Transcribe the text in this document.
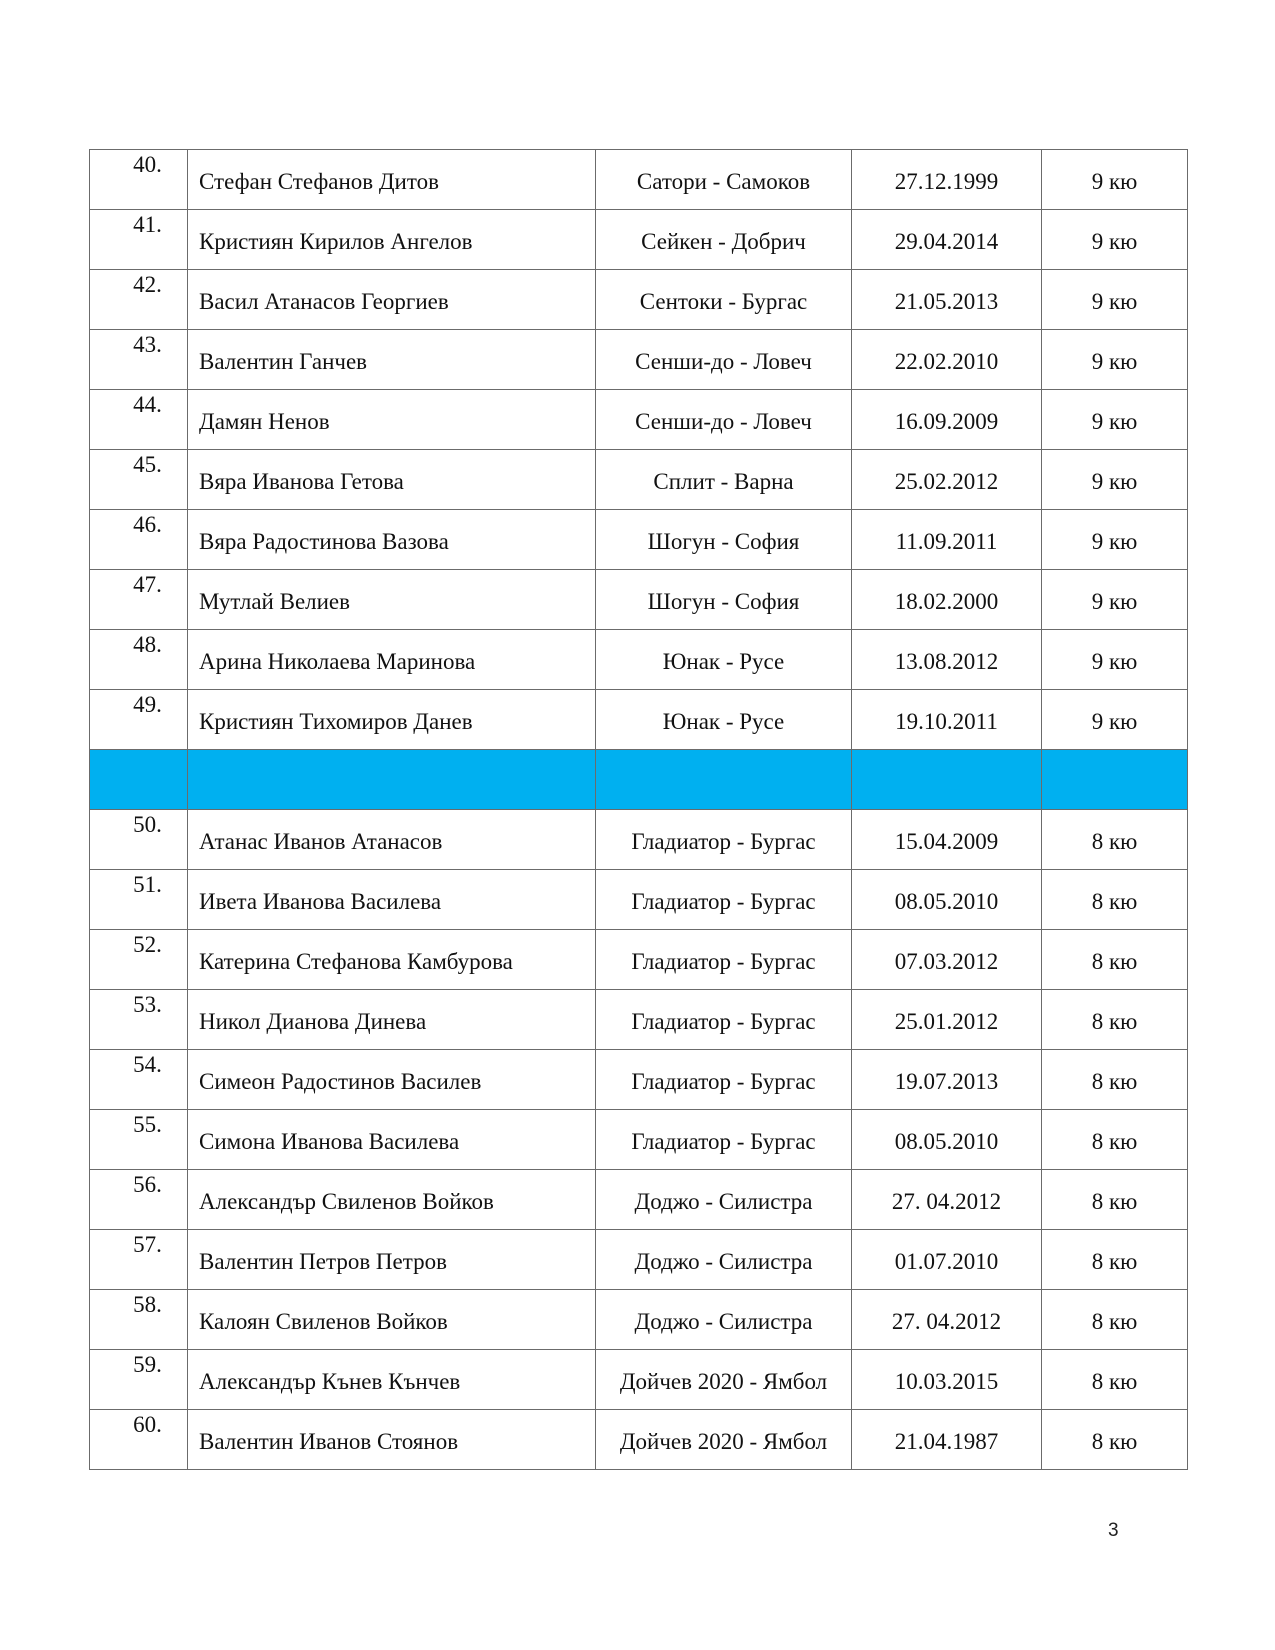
40.	Стефан Стефанов Дитов	Сатори - Самоков	27.12.1999	9 кю
41.	Кристиян Кирилов Ангелов	Сейкен - Добрич	29.04.2014	9 кю
42.	Васил Атанасов Георгиев	Сентоки - Бургас	21.05.2013	9 кю
43.	Валентин Ганчев	Сенши-до - Ловеч	22.02.2010	9 кю
44.	Дамян Ненов	Сенши-до - Ловеч	16.09.2009	9 кю
45.	Вяра Иванова Гетова	Сплит - Варна	25.02.2012	9 кю
46.	Вяра Радостинова Вазова	Шогун - София	11.09.2011	9 кю
47.	Мутлай Велиев	Шогун - София	18.02.2000	9 кю
48.	Арина Николаева Маринова	Юнак - Русе	13.08.2012	9 кю
49.	Кристиян Тихомиров Данев	Юнак - Русе	19.10.2011	9 кю

50.	Атанас Иванов Атанасов	Гладиатор - Бургас	15.04.2009	8 кю
51.	Ивета Иванова Василева	Гладиатор - Бургас	08.05.2010	8 кю
52.	Катерина Стефанова Камбурова	Гладиатор - Бургас	07.03.2012	8 кю
53.	Никол Дианова Динева	Гладиатор - Бургас	25.01.2012	8 кю
54.	Симеон Радостинов Василев	Гладиатор - Бургас	19.07.2013	8 кю
55.	Симона Иванова Василева	Гладиатор - Бургас	08.05.2010	8 кю
56.	Александър Свиленов Войков	Доджо - Силистра	27. 04.2012	8 кю
57.	Валентин Петров Петров	Доджо - Силистра	01.07.2010	8 кю
58.	Калоян Свиленов Войков	Доджо - Силистра	27. 04.2012	8 кю
59.	Александър Кънев Кънчев	Дойчев 2020 - Ямбол	10.03.2015	8 кю
60.	Валентин Иванов Стоянов	Дойчев 2020 - Ямбол	21.04.1987	8 кю
3
